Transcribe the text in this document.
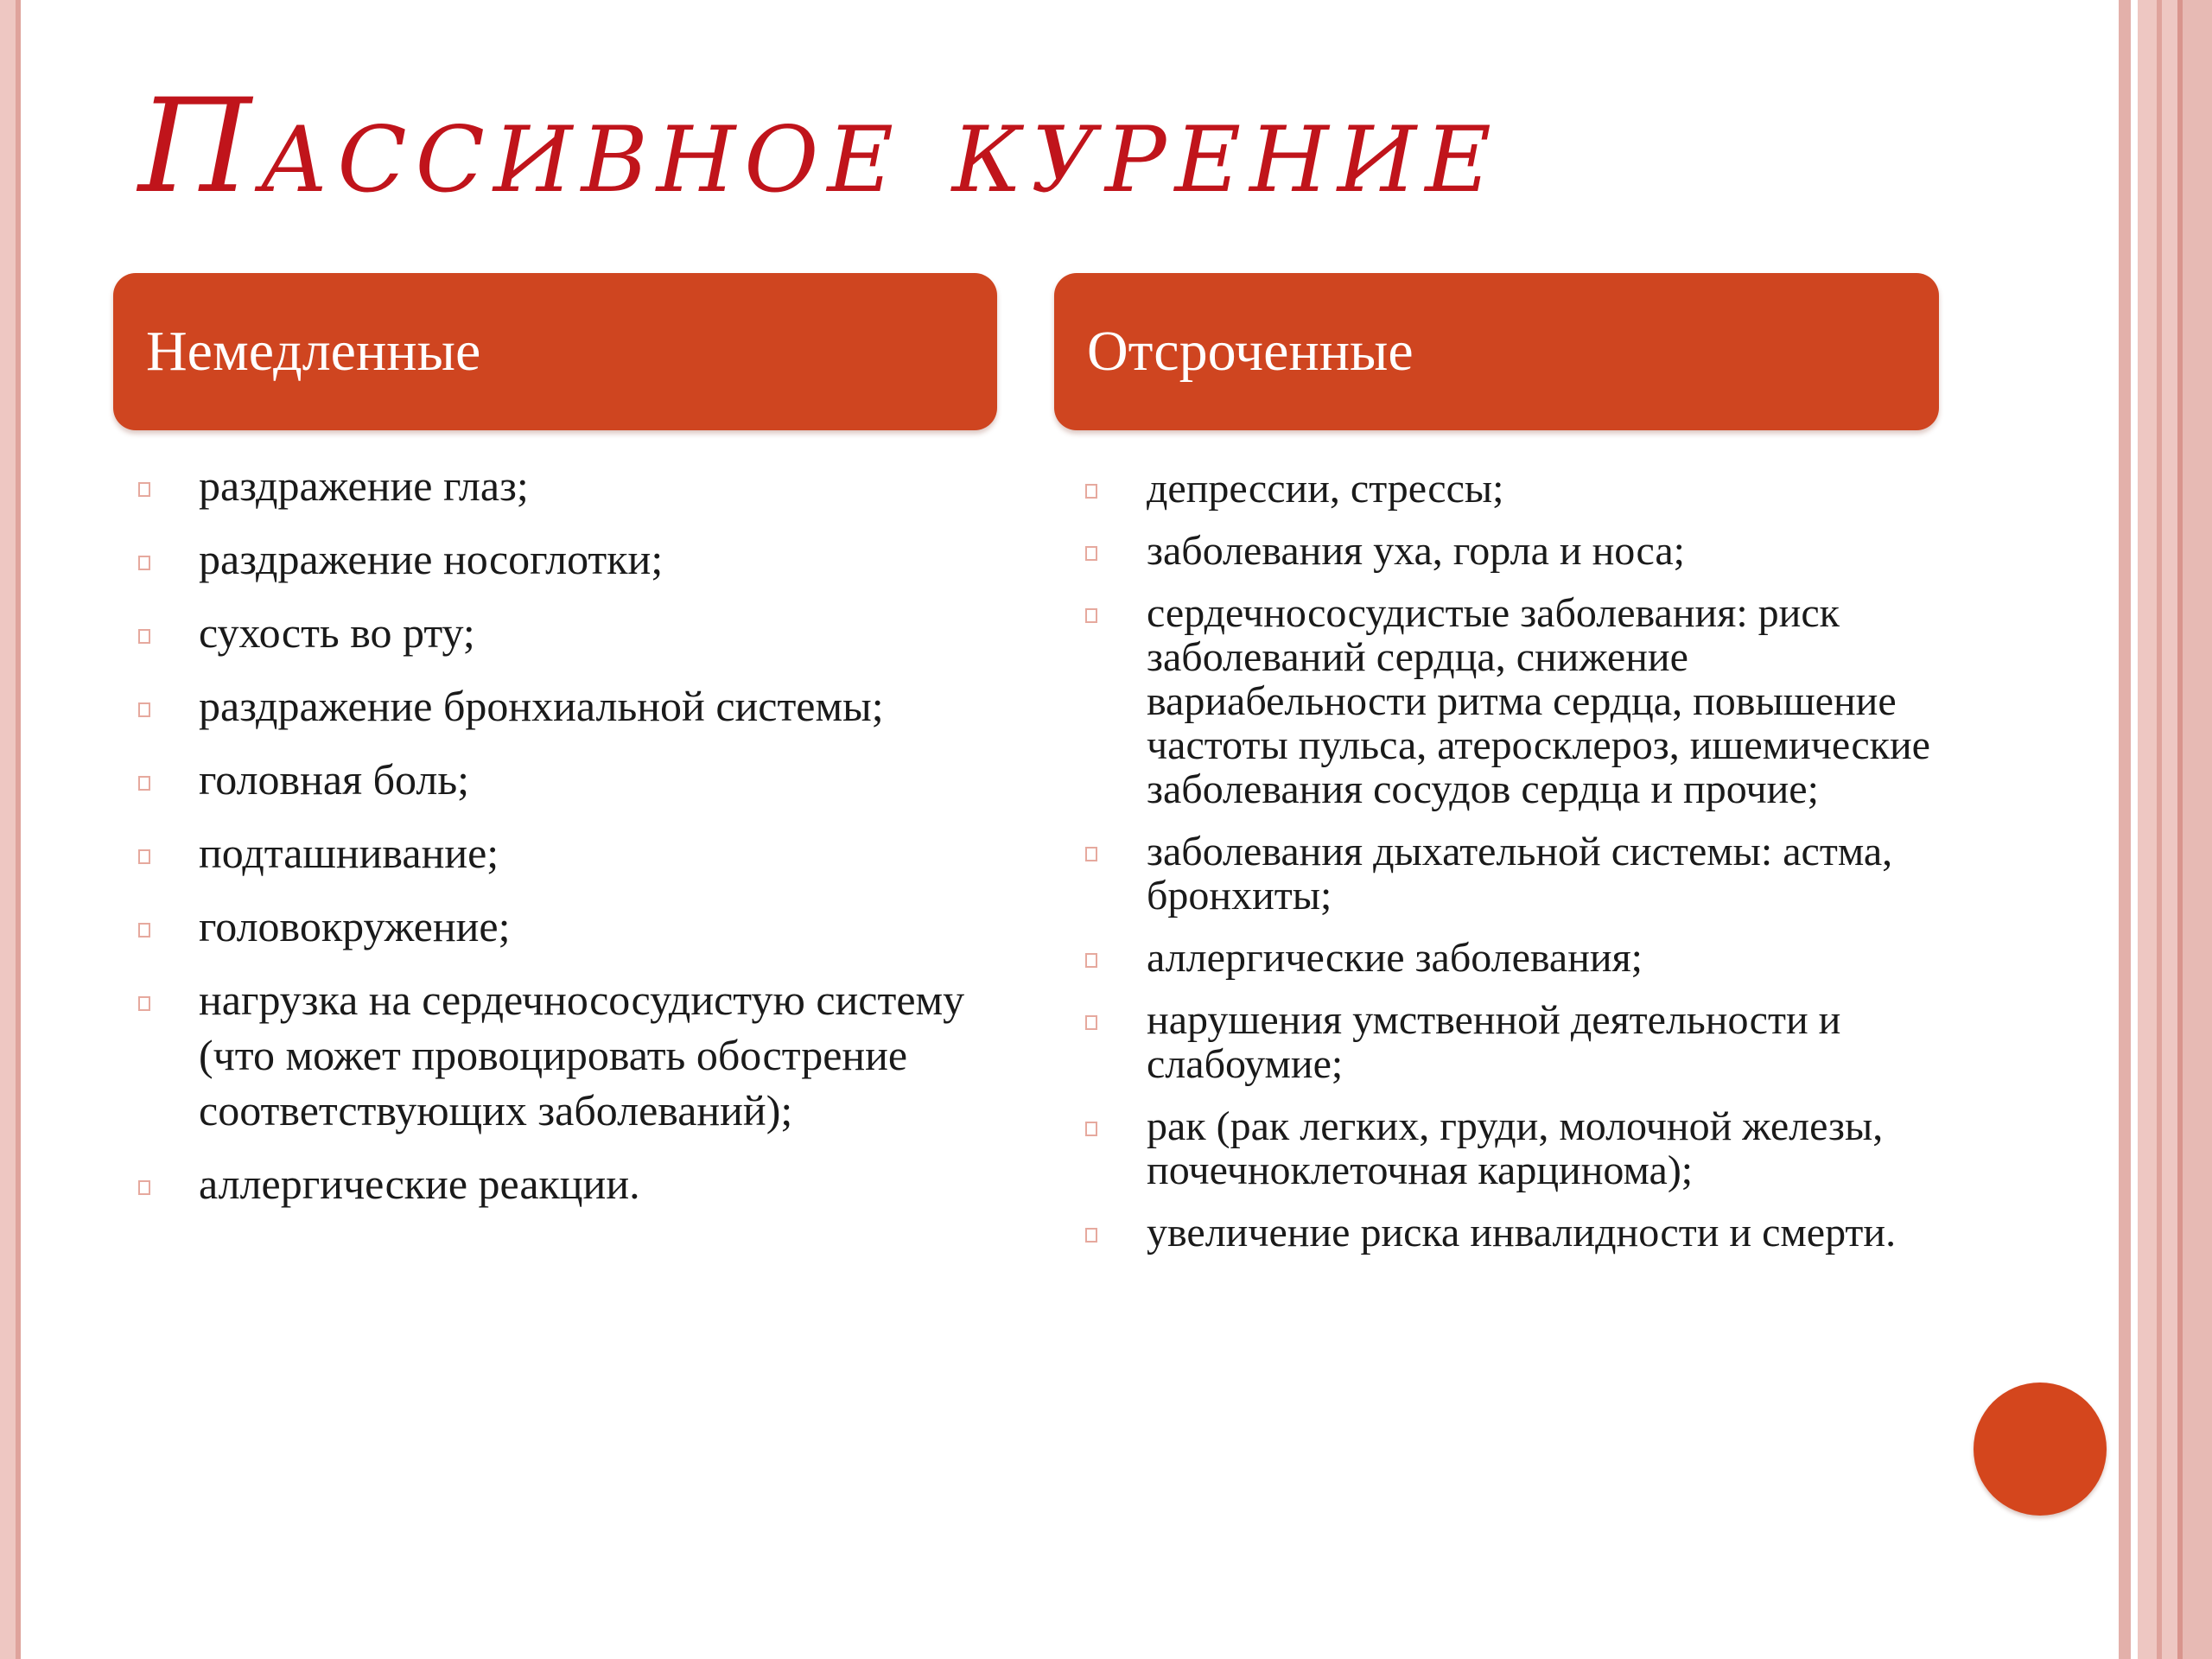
Пассивное курение
Немедленные	Отсроченные
раздражение глаз;
раздражение носоглотки;
сухость во рту;
раздражение бронхиальной системы;
головная боль;
подташнивание;
головокружение;
нагрузка на сердечнососудистую систему (что может провоцировать обострение соответствующих заболеваний);
аллергические реакции.
депрессии, стрессы;
заболевания уха, горла и носа;
сердечнососудистые заболевания: риск заболеваний сердца, снижение вариабельности ритма сердца, повышение частоты пульса, атеросклероз, ишемические заболевания сосудов сердца и прочие;
заболевания дыхательной системы: астма, бронхиты;
аллергические заболевания;
нарушения умственной деятельности и слабоумие;
рак (рак легких, груди, молочной железы, почечноклеточная карцинома);
увеличение риска инвалидности и смерти.
